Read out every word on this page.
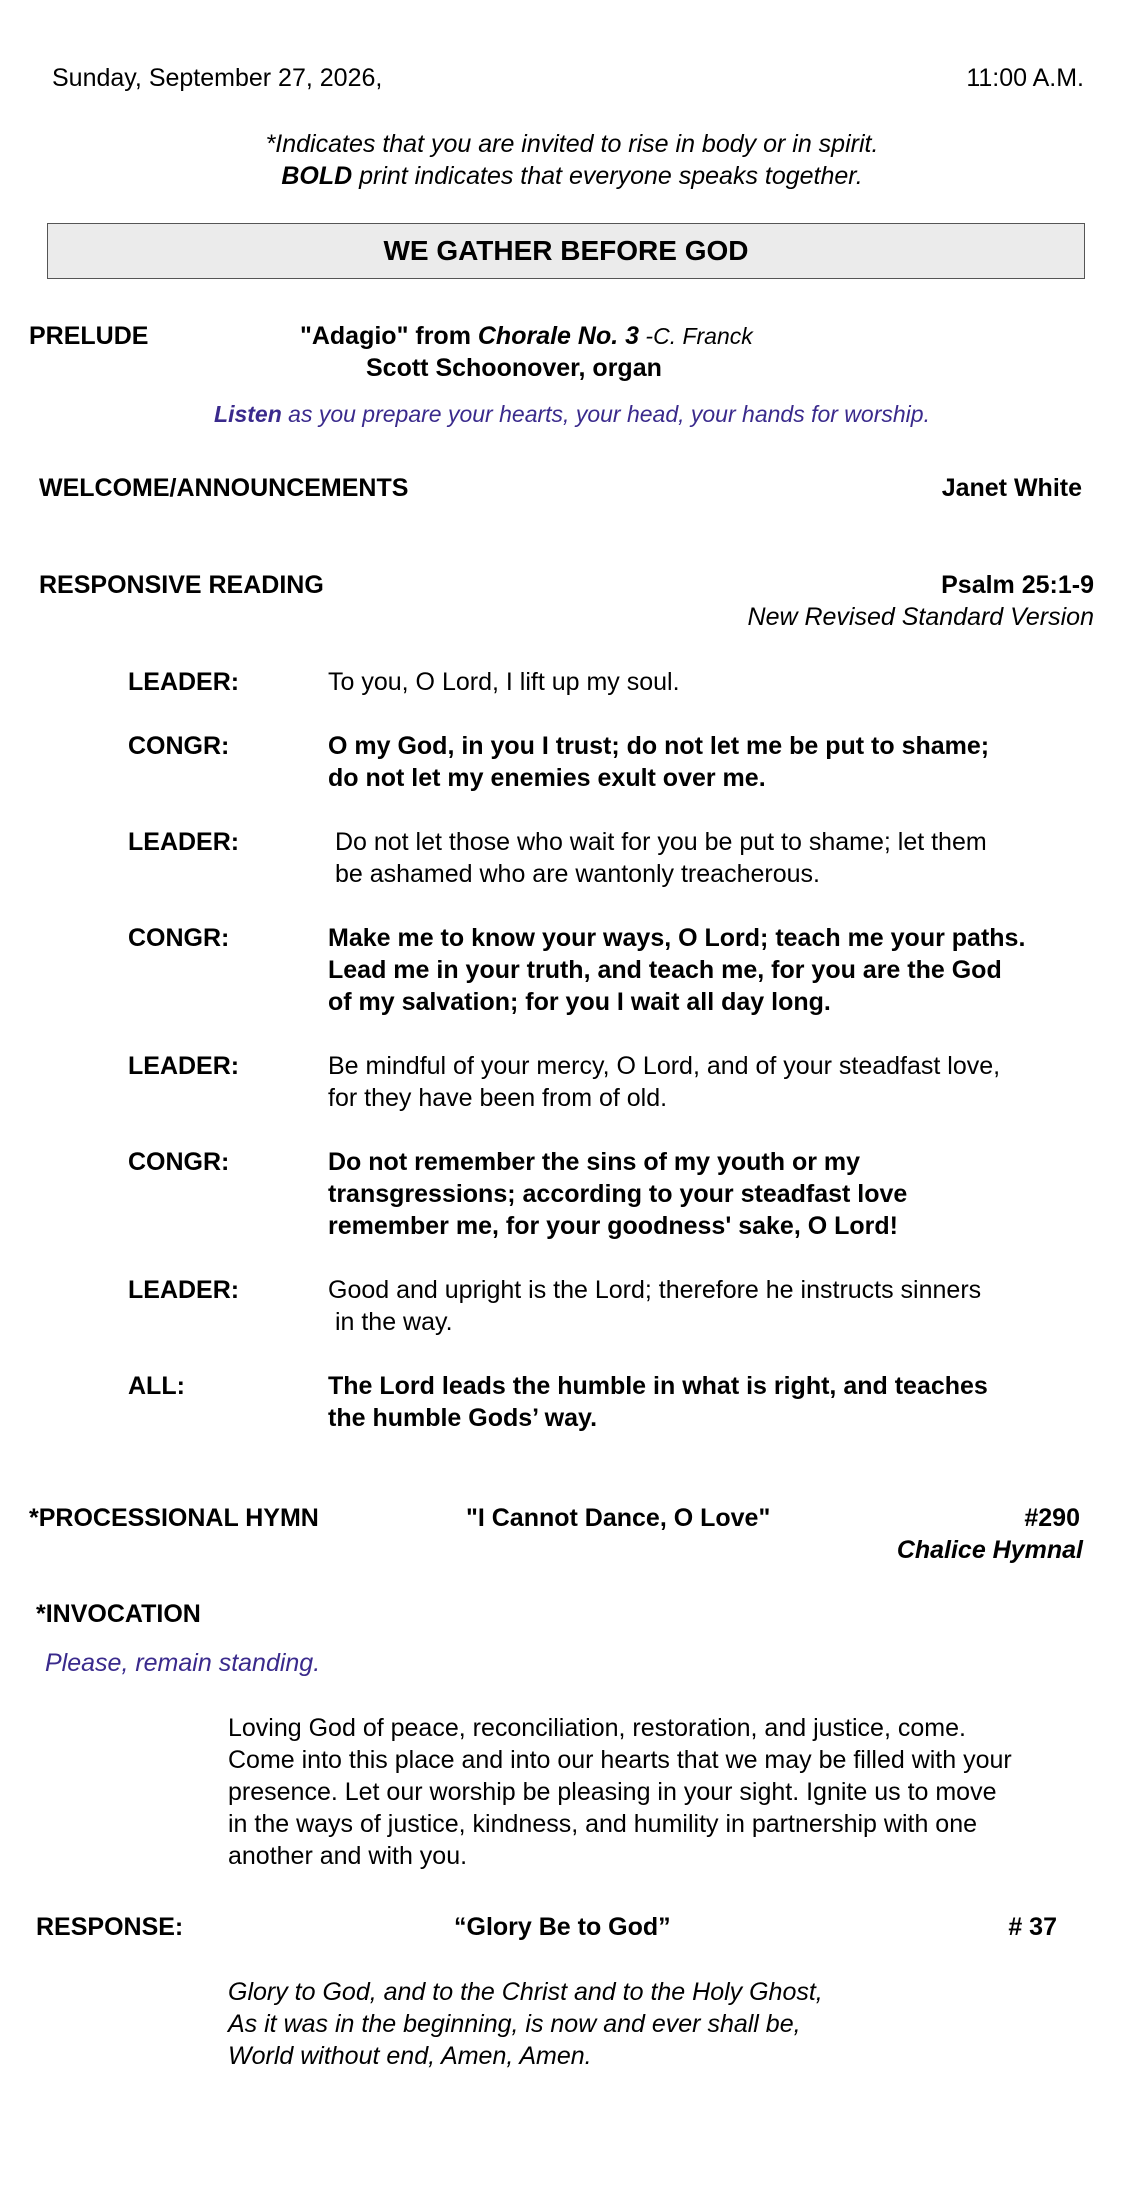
Sunday, September 27, 2026,	11:00 A.M.
*Indicates that you are invited to rise in body or in spirit.
BOLD print indicates that everyone speaks together.
WE GATHER BEFORE GOD
PRELUDE	"Adagio" from Chorale No. 3 -C. Franck
Scott Schoonover, organ
Listen as you prepare your hearts, your head, your hands for worship.
WELCOME/ANNOUNCEMENTS	Janet White
RESPONSIVE READING	Psalm 25:1-9
New Revised Standard Version
LEADER:	To you, O Lord, I lift up my soul.
CONGR:	O my God, in you I trust; do not let me be put to shame;
do not let my enemies exult over me.
LEADER:	Do not let those who wait for you be put to shame; let them
be ashamed who are wantonly treacherous.
CONGR:	Make me to know your ways, O Lord; teach me your paths.
Lead me in your truth, and teach me, for you are the God
of my salvation; for you I wait all day long.
LEADER:	Be mindful of your mercy, O Lord, and of your steadfast love,
for they have been from of old.
CONGR:	Do not remember the sins of my youth or my
transgressions; according to your steadfast love
remember me, for your goodness' sake, O Lord!
LEADER:	Good and upright is the Lord; therefore he instructs sinners
in the way.
ALL:	The Lord leads the humble in what is right, and teaches
the humble Gods’ way.
*PROCESSIONAL HYMN	"I Cannot Dance, O Love"	#290
Chalice Hymnal
*INVOCATION
Please, remain standing.
Loving God of peace, reconciliation, restoration, and justice, come.
Come into this place and into our hearts that we may be filled with your
presence. Let our worship be pleasing in your sight. Ignite us to move
in the ways of justice, kindness, and humility in partnership with one
another and with you.
RESPONSE:	“Glory Be to God”	# 37
Glory to God, and to the Christ and to the Holy Ghost,
As it was in the beginning, is now and ever shall be,
World without end, Amen, Amen.
